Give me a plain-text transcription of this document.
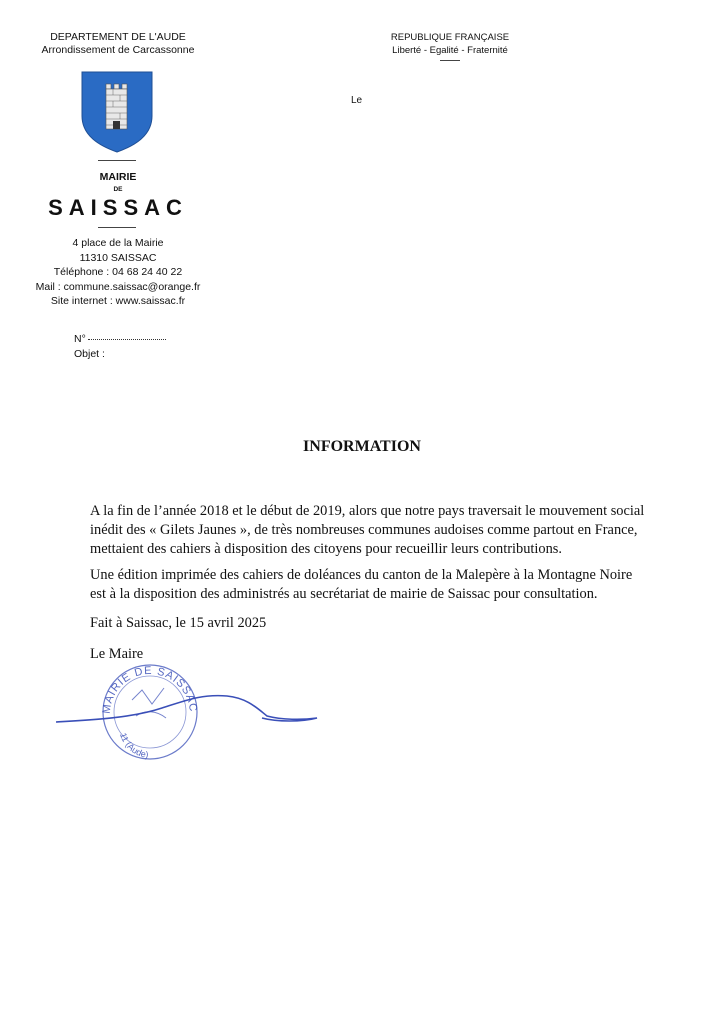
DEPARTEMENT DE L'AUDE
Arrondissement de Carcassonne
MAIRIE
DE
SAISSAC
4 place de la Mairie
11310 SAISSAC
Téléphone : 04 68 24 40 22
Mail : commune.saissac@orange.fr
Site internet : www.saissac.fr
REPUBLIQUE FRANÇAISE
Liberté - Egalité - Fraternité
Le
N°
Objet :
INFORMATION
A la fin de l’année 2018 et le début de 2019, alors que notre pays traversait le mouvement social inédit des « Gilets Jaunes », de très nombreuses communes audoises comme partout en France, mettaient des cahiers à disposition des citoyens pour recueillir leurs contributions.
Une édition imprimée des cahiers de doléances du canton de la Malepère à la Montagne Noire est à la disposition des administrés au secrétariat de mairie de Saissac pour consultation.
Fait à Saissac, le 15 avril 2025
Le Maire
MAIRIE DE SAISSAC
11 (Aude)
